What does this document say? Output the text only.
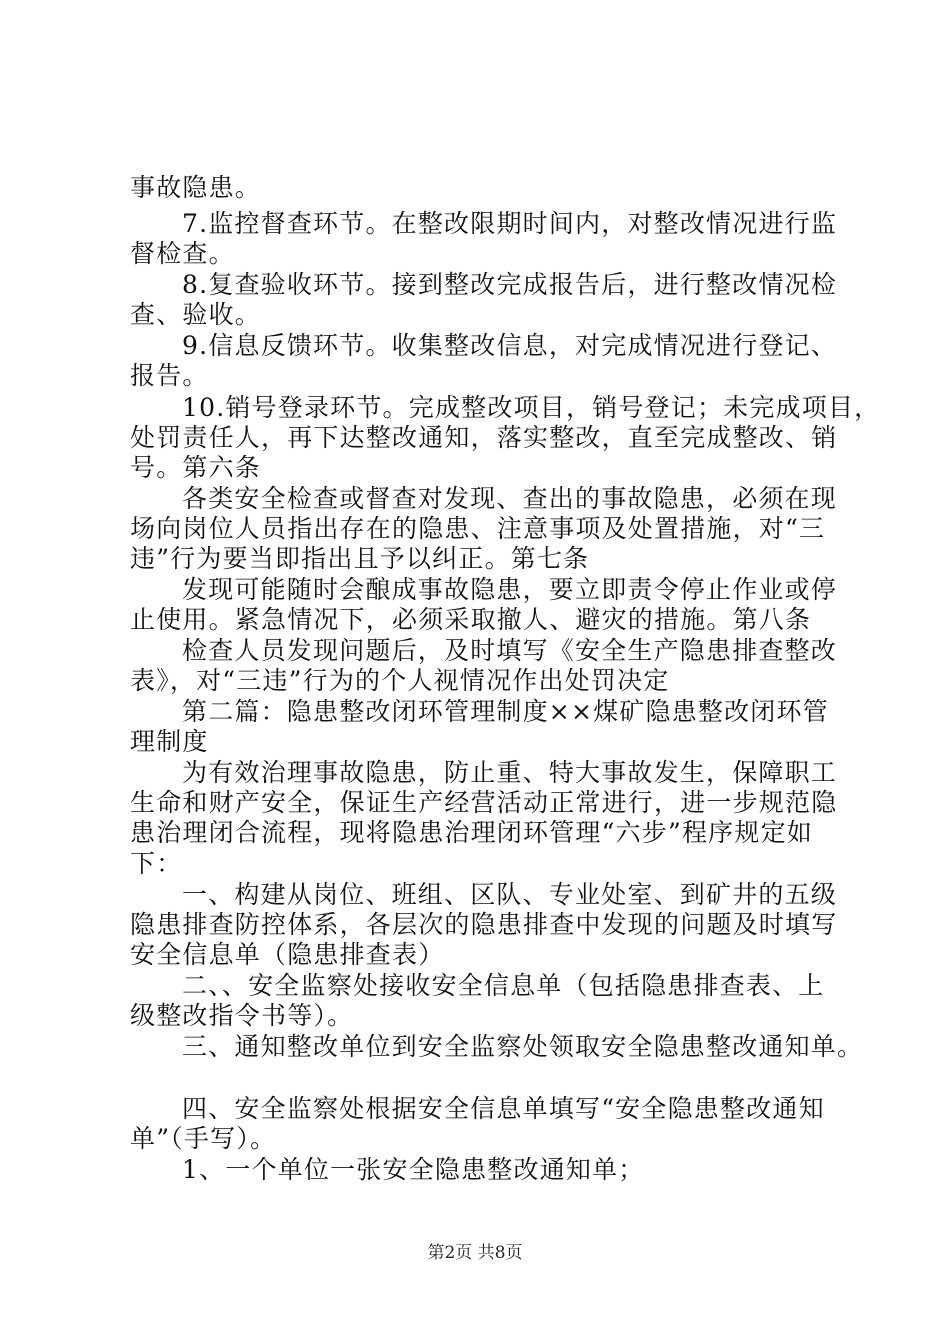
事故隐患。
7.监控督查环节。在整改限期时间内，对整改情况进行监
督检查。
8.复查验收环节。接到整改完成报告后，进行整改情况检
查、验收。
9.信息反馈环节。收集整改信息，对完成情况进行登记、
报告。
10.销号登录环节。完成整改项目，销号登记；未完成项目，
处罚责任人，再下达整改通知，落实整改，直至完成整改、销
号。第六条
各类安全检查或督查对发现、查出的事故隐患，必须在现
场向岗位人员指出存在的隐患、注意事项及处置措施，对“三
违”行为要当即指出且予以纠正。第七条
发现可能随时会酿成事故隐患，要立即责令停止作业或停
止使用。紧急情况下，必须采取撤人、避灾的措施。第八条
检查人员发现问题后，及时填写《安全生产隐患排查整改
表》，对“三违”行为的个人视情况作出处罚决定
第二篇：隐患整改闭环管理制度××煤矿隐患整改闭环管
理制度
为有效治理事故隐患，防止重、特大事故发生，保障职工
生命和财产安全，保证生产经营活动正常进行，进一步规范隐
患治理闭合流程，现将隐患治理闭环管理“六步”程序规定如
下：
一、构建从岗位、班组、区队、专业处室、到矿井的五级
隐患排查防控体系，各层次的隐患排查中发现的问题及时填写
安全信息单（隐患排查表）
二、、安全监察处接收安全信息单（包括隐患排查表、上
级整改指令书等）。
三、通知整改单位到安全监察处领取安全隐患整改通知单。
四、安全监察处根据安全信息单填写“安全隐患整改通知
单”（手写）。
1、一个单位一张安全隐患整改通知单；
第2页 共8页
